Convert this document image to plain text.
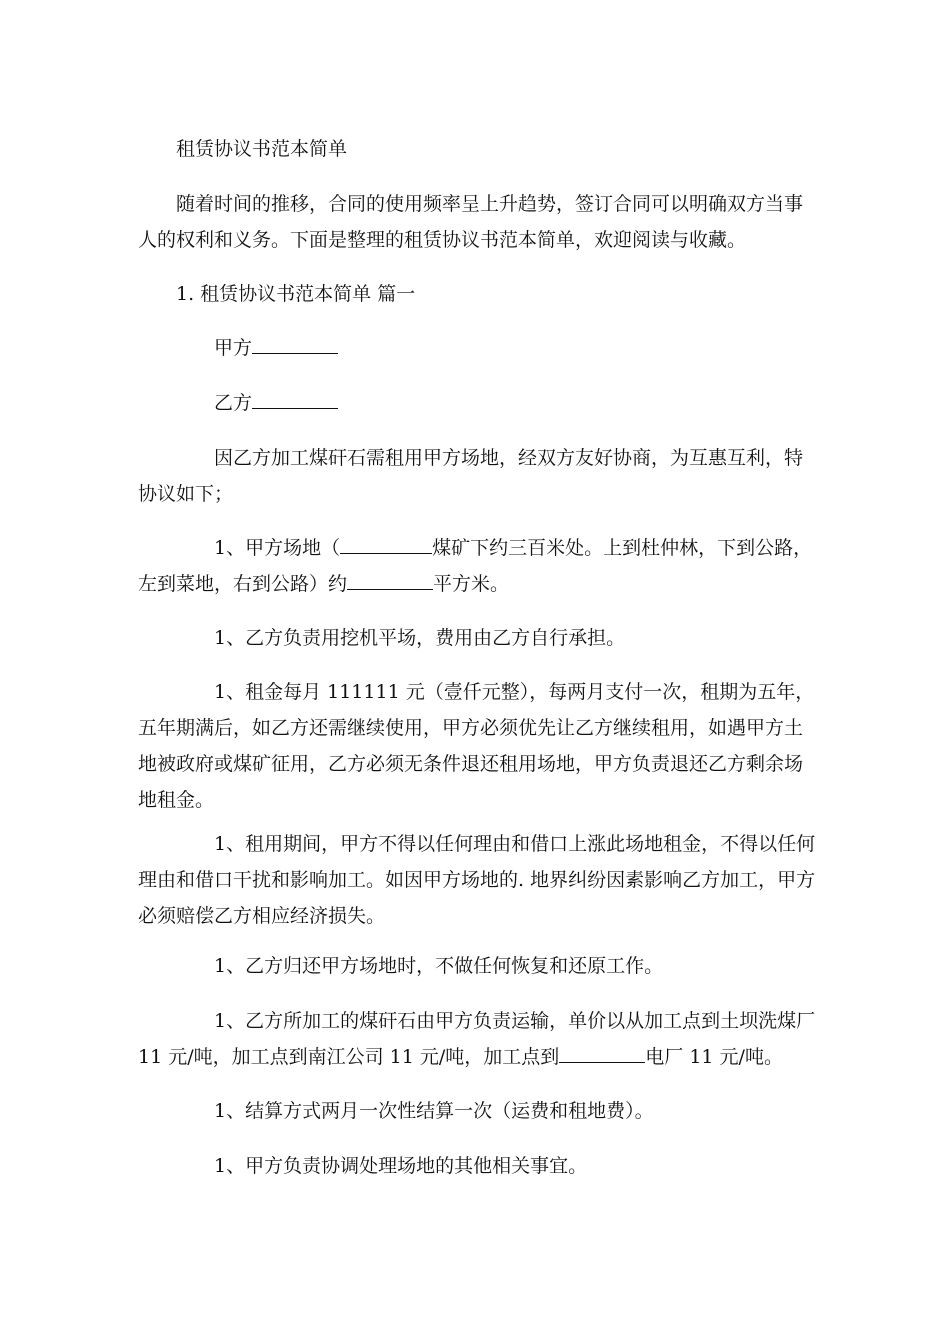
租赁协议书范本简单

随着时间的推移，合同的使用频率呈上升趋势，签订合同可以明确双方当事人的权利和义务。下面是整理的租赁协议书范本简单，欢迎阅读与收藏。

1. 租赁协议书范本简单 篇一

甲方

乙方

因乙方加工煤矸石需租用甲方场地，经双方友好协商，为互惠互利，特协议如下；

1、甲方场地（	煤矿下约三百米处。上到杜仲林，下到公路，左到菜地，右到公路）约	平方米。

1、乙方负责用挖机平场，费用由乙方自行承担。

1、租金每月 111111 元（壹仟元整），每两月支付一次，租期为五年，五年期满后，如乙方还需继续使用，甲方必须优先让乙方继续租用，如遇甲方土地被政府或煤矿征用，乙方必须无条件退还租用场地，甲方负责退还乙方剩余场地租金。

1、租用期间，甲方不得以任何理由和借口上涨此场地租金，不得以任何理由和借口干扰和影响加工。如因甲方场地的. 地界纠纷因素影响乙方加工，甲方必须赔偿乙方相应经济损失。

1、乙方归还甲方场地时，不做任何恢复和还原工作。

1、乙方所加工的煤矸石由甲方负责运输，单价以从加工点到土坝洗煤厂 11 元/吨，加工点到南江公司 11 元/吨，加工点到	电厂 11 元/吨。

1、结算方式两月一次性结算一次（运费和租地费）。

1、甲方负责协调处理场地的其他相关事宜。
